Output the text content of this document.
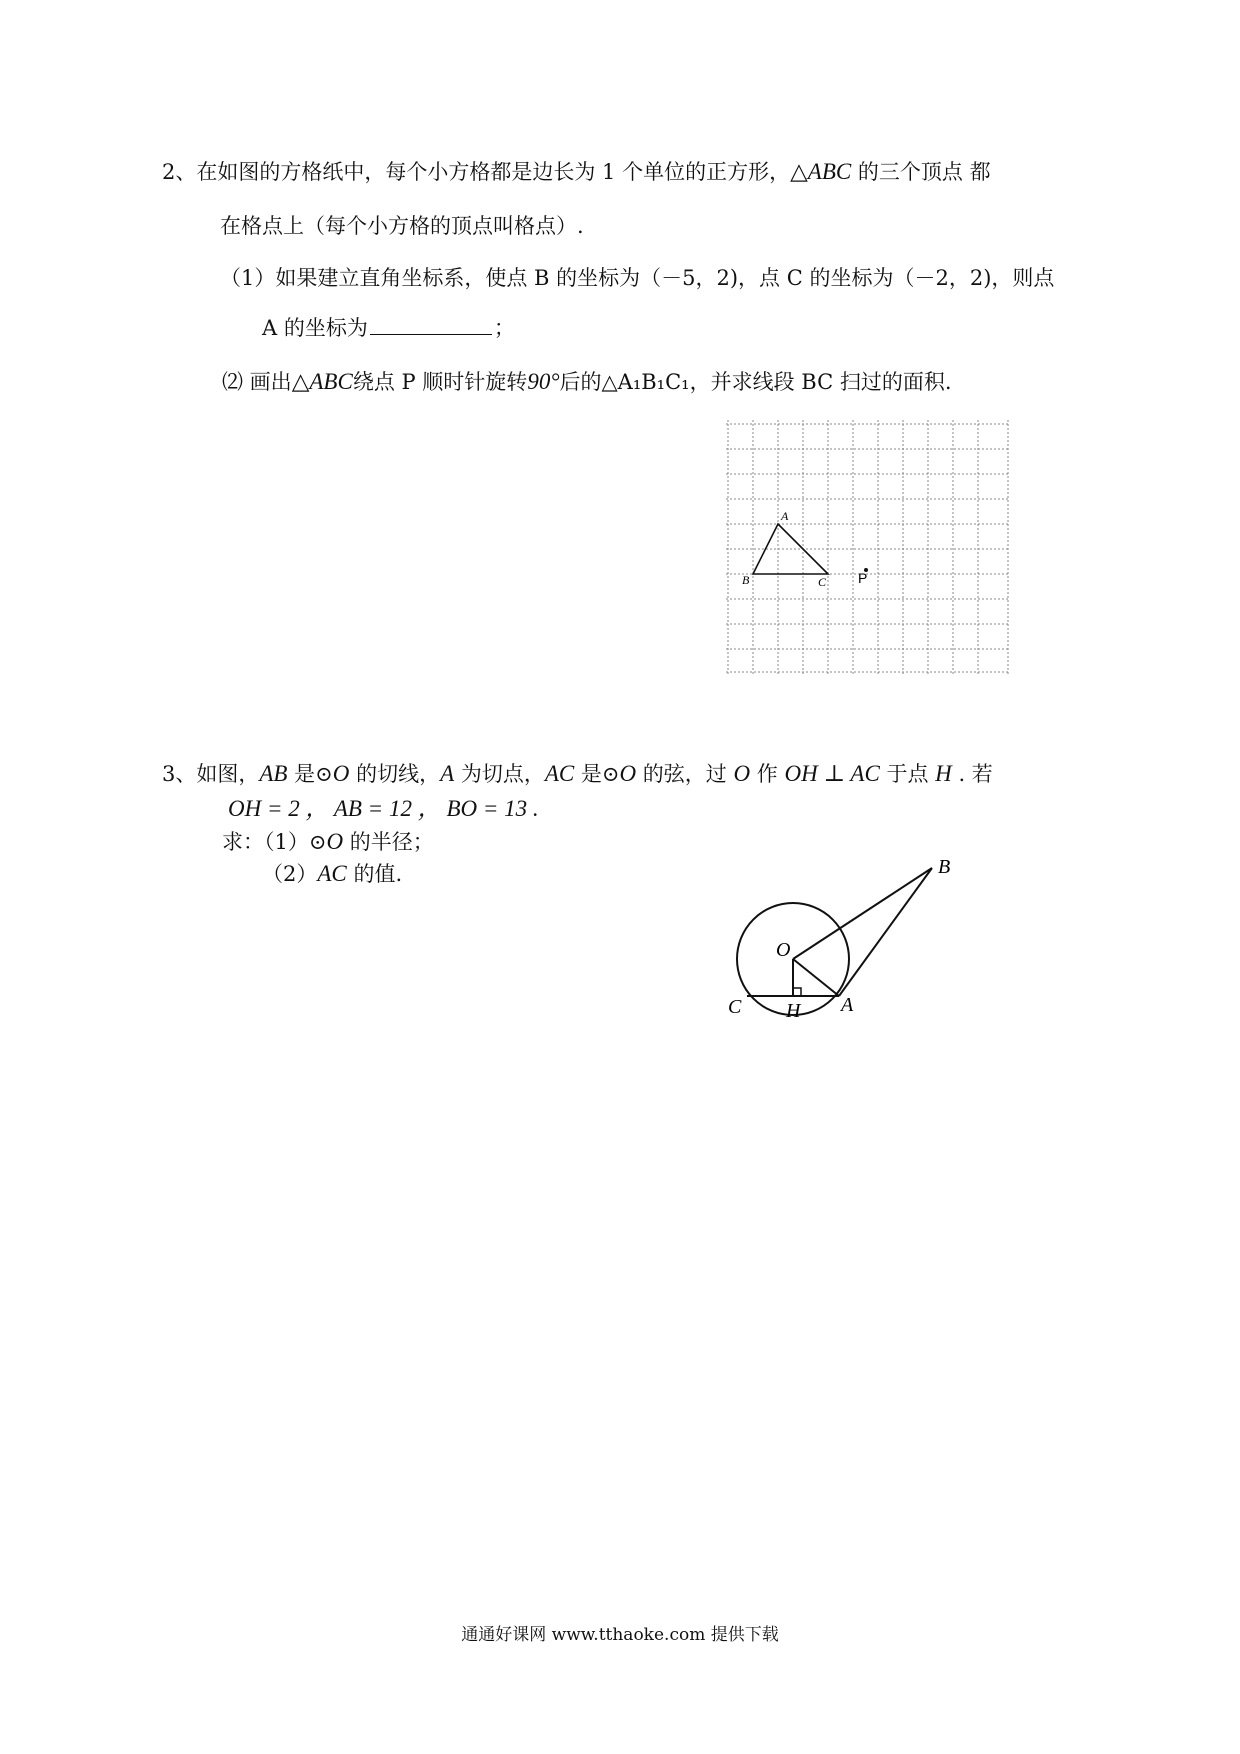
2、在如图的方格纸中，每个小方格都是边长为 1 个单位的正方形，△ABC 的三个顶点 都
在格点上（每个小方格的顶点叫格点）.
（1）如果建立直角坐标系，使点 B 的坐标为（－5，2)，点 C 的坐标为（－2，2)，则点
A 的坐标为	；
⑵ 画出△ABC绕点 P 顺时针旋转90°后的△A₁B₁C₁，并求线段 BC 扫过的面积.
A
B	C P
3、如图，AB 是⊙O 的切线，A 为切点，AC 是⊙O 的弦，过 O 作 OH ⊥ AC 于点 H . 若
OH = 2 ， AB = 12 ， BO = 13 .
求：（1）⊙O 的半径；
（2）AC 的值.
O
B
C H A
通通好课网 www.tthaoke.com 提供下载
